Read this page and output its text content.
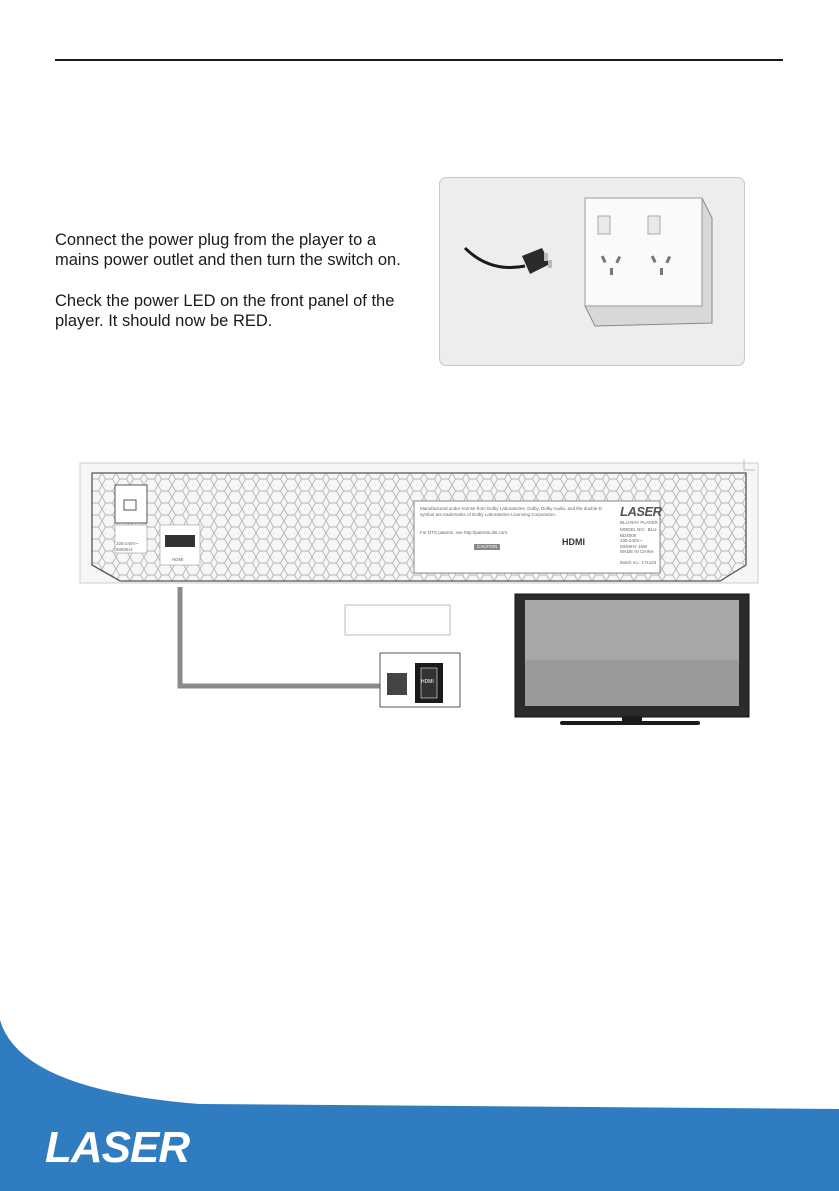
Connect the power plug from the player to a mains power outlet and then turn the switch on.

Check the power LED on the front panel of the player. It should now be RED.

Manufactured under license from Dolby Laboratories. Dolby, Dolby Audio, and the double-D symbol are trademarks of Dolby Laboratories Licensing Corporation.
For DTS patents, see http://patents.dts.com.
CAUTION	HDMI
LASER
BLU-RAY PLAYER
MODEL NO.: BLU-BD4000
100-240V~ 50/60Hz 15W
MADE IN CHINA
Batch no.: 171123
100-240V~ 50/60Hz
HDMI
HDMI
LASER
